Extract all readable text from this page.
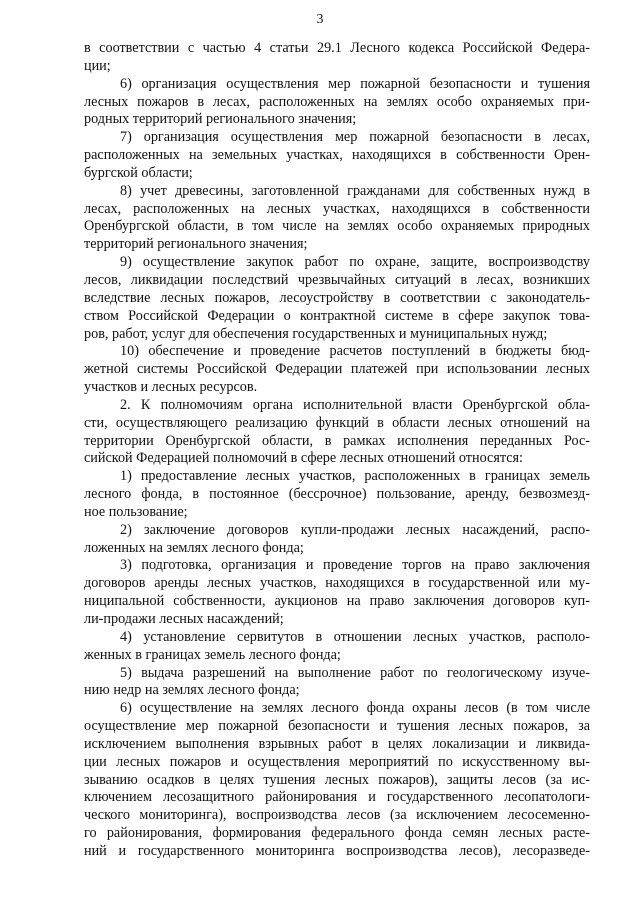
3
в соответствии с частью 4 статьи 29.1 Лесного кодекса Российской Федера-
ции;
6) организация осуществления мер пожарной безопасности и тушения
лесных пожаров в лесах, расположенных на землях особо охраняемых при-
родных территорий регионального значения;
7) организация осуществления мер пожарной безопасности в лесах,
расположенных на земельных участках, находящихся в собственности Орен-
бургской области;
8) учет древесины, заготовленной гражданами для собственных нужд в
лесах, расположенных на лесных участках, находящихся в собственности
Оренбургской области, в том числе на землях особо охраняемых природных
территорий регионального значения;
9) осуществление закупок работ по охране, защите, воспроизводству
лесов, ликвидации последствий чрезвычайных ситуаций в лесах, возникших
вследствие лесных пожаров, лесоустройству в соответствии с законодатель-
ством Российской Федерации о контрактной системе в сфере закупок това-
ров, работ, услуг для обеспечения государственных и муниципальных нужд;
10) обеспечение и проведение расчетов поступлений в бюджеты бюд-
жетной системы Российской Федерации платежей при использовании лесных
участков и лесных ресурсов.
2. К полномочиям органа исполнительной власти Оренбургской обла-
сти, осуществляющего реализацию функций в области лесных отношений на
территории Оренбургской области, в рамках исполнения переданных Рос-
сийской Федерацией полномочий в сфере лесных отношений относятся:
1) предоставление лесных участков, расположенных в границах земель
лесного фонда, в постоянное (бессрочное) пользование, аренду, безвозмезд-
ное пользование;
2) заключение договоров купли-продажи лесных насаждений, распо-
ложенных на землях лесного фонда;
3) подготовка, организация и проведение торгов на право заключения
договоров аренды лесных участков, находящихся в государственной или му-
ниципальной собственности, аукционов на право заключения договоров куп-
ли-продажи лесных насаждений;
4) установление сервитутов в отношении лесных участков, располо-
женных в границах земель лесного фонда;
5) выдача разрешений на выполнение работ по геологическому изуче-
нию недр на землях лесного фонда;
6) осуществление на землях лесного фонда охраны лесов (в том числе
осуществление мер пожарной безопасности и тушения лесных пожаров, за
исключением выполнения взрывных работ в целях локализации и ликвида-
ции лесных пожаров и осуществления мероприятий по искусственному вы-
зыванию осадков в целях тушения лесных пожаров), защиты лесов (за ис-
ключением лесозащитного районирования и государственного лесопатологи-
ческого мониторинга), воспроизводства лесов (за исключением лесосеменно-
го районирования, формирования федерального фонда семян лесных расте-
ний и государственного мониторинга воспроизводства лесов), лесоразведе-
